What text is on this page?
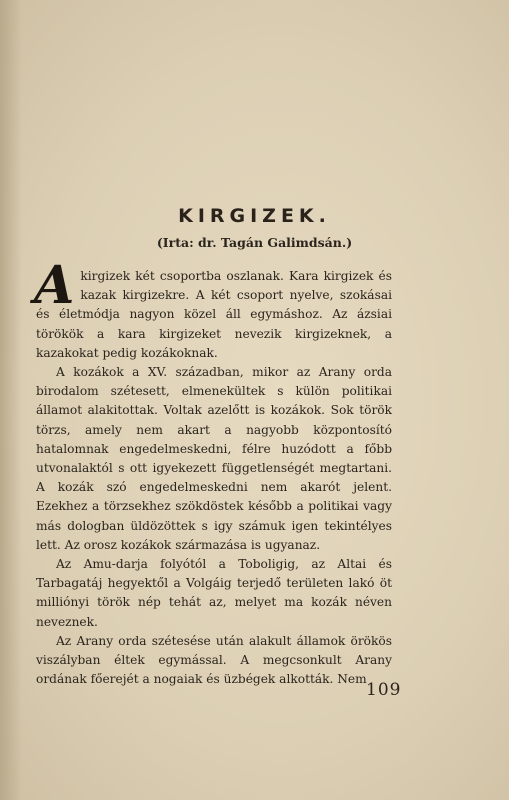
KIRGIZEK.
(Irta: dr. Tagán Galimdsán.)

Akirgizek két csoportba oszlanak. Kara kirgizek és kazak kirgizekre. A két csoport nyelve, szokásai és életmódja nagyon közel áll egymáshoz. Az ázsiai törökök a kara kirgizeket nevezik kirgizeknek, a kazakokat pedig kozákoknak.

A kozákok a XV. században, mikor az Arany orda birodalom szétesett, elmenekültek s külön politikai államot alakitottak. Voltak azelőtt is kozákok. Sok török törzs, amely nem akart a nagyobb központosító hatalomnak engedelmeskedni, félre huzódott a főbb utvonalaktól s ott igyekezett függetlenségét megtartani. A kozák szó engedelmeskedni nem akarót jelent. Ezekhez a törzsekhez szökdöstek később a politikai vagy más dologban üldözöttek s igy számuk igen tekintélyes lett. Az orosz kozákok származása is ugyanaz.

Az Amu-darja folyótól a Toboligig, az Altai és Tarbagatáj hegyektől a Volgáig terjedő területen lakó öt milliónyi török nép tehát az, melyet ma kozák néven neveznek.

Az Arany orda szétesése után alakult államok örökös viszályban éltek egymással. A megcsonkult Arany ordának főerejét a nogaiak és üzbégek alkották. Nem

109
